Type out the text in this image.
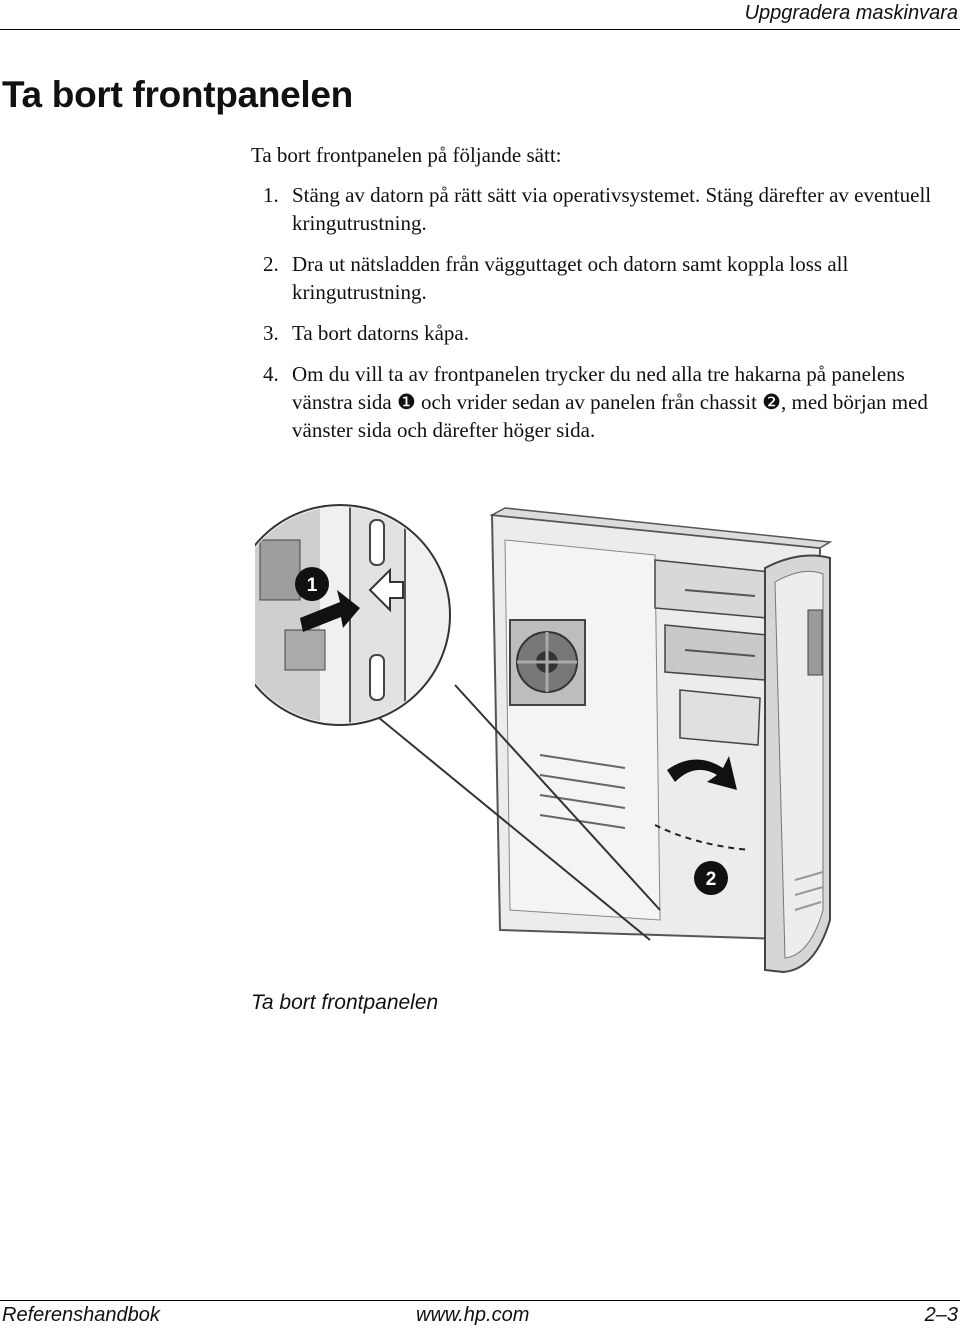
Uppgradera maskinvara
Ta bort frontpanelen
Ta bort frontpanelen på följande sätt:
1. Stäng av datorn på rätt sätt via operativsystemet. Stäng därefter av eventuell kringutrustning.
2. Dra ut nätsladden från vägguttaget och datorn samt koppla loss all kringutrustning.
3. Ta bort datorns kåpa.
4. Om du vill ta av frontpanelen trycker du ned alla tre hakarna på panelens vänstra sida ❶ och vrider sedan av panelen från chassit ❷, med början med vänster sida och därefter höger sida.
1
2
Ta bort frontpanelen
Referenshandbok	www.hp.com	2–3
